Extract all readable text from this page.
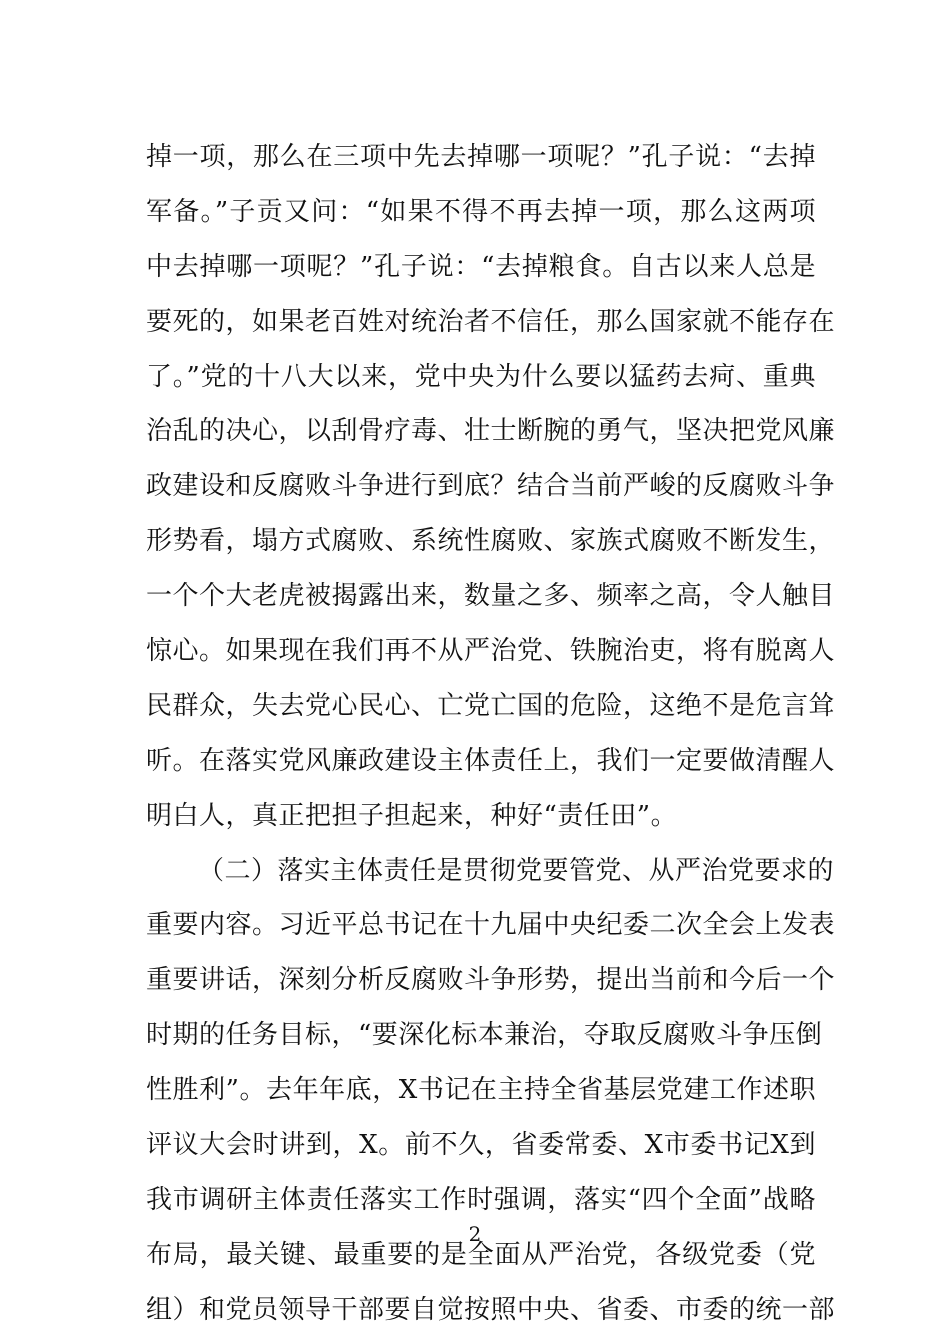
掉一项，那么在三项中先去掉哪一项呢？”孔子说：“去掉
军备。”子贡又问：“如果不得不再去掉一项，那么这两项
中去掉哪一项呢？”孔子说：“去掉粮食。自古以来人总是
要死的，如果老百姓对统治者不信任，那么国家就不能存在
了。”党的十八大以来，党中央为什么要以猛药去疴、重典
治乱的决心，以刮骨疗毒、壮士断腕的勇气，坚决把党风廉
政建设和反腐败斗争进行到底？结合当前严峻的反腐败斗争
形势看，塌方式腐败、系统性腐败、家族式腐败不断发生，
一个个大老虎被揭露出来，数量之多、频率之高，令人触目
惊心。如果现在我们再不从严治党、铁腕治吏，将有脱离人
民群众，失去党心民心、亡党亡国的危险，这绝不是危言耸
听。在落实党风廉政建设主体责任上，我们一定要做清醒人
明白人，真正把担子担起来，种好“责任田”。
（二）落实主体责任是贯彻党要管党、从严治党要求的
重要内容。习近平总书记在十九届中央纪委二次全会上发表
重要讲话，深刻分析反腐败斗争形势，提出当前和今后一个
时期的任务目标，“要深化标本兼治，夺取反腐败斗争压倒
性胜利”。去年年底，X书记在主持全省基层党建工作述职
评议大会时讲到，X。前不久，省委常委、X市委书记X到
我市调研主体责任落实工作时强调，落实“四个全面”战略
布局，最关键、最重要的是全面从严治党，各级党委（党
组）和党员领导干部要自觉按照中央、省委、市委的统一部
2
